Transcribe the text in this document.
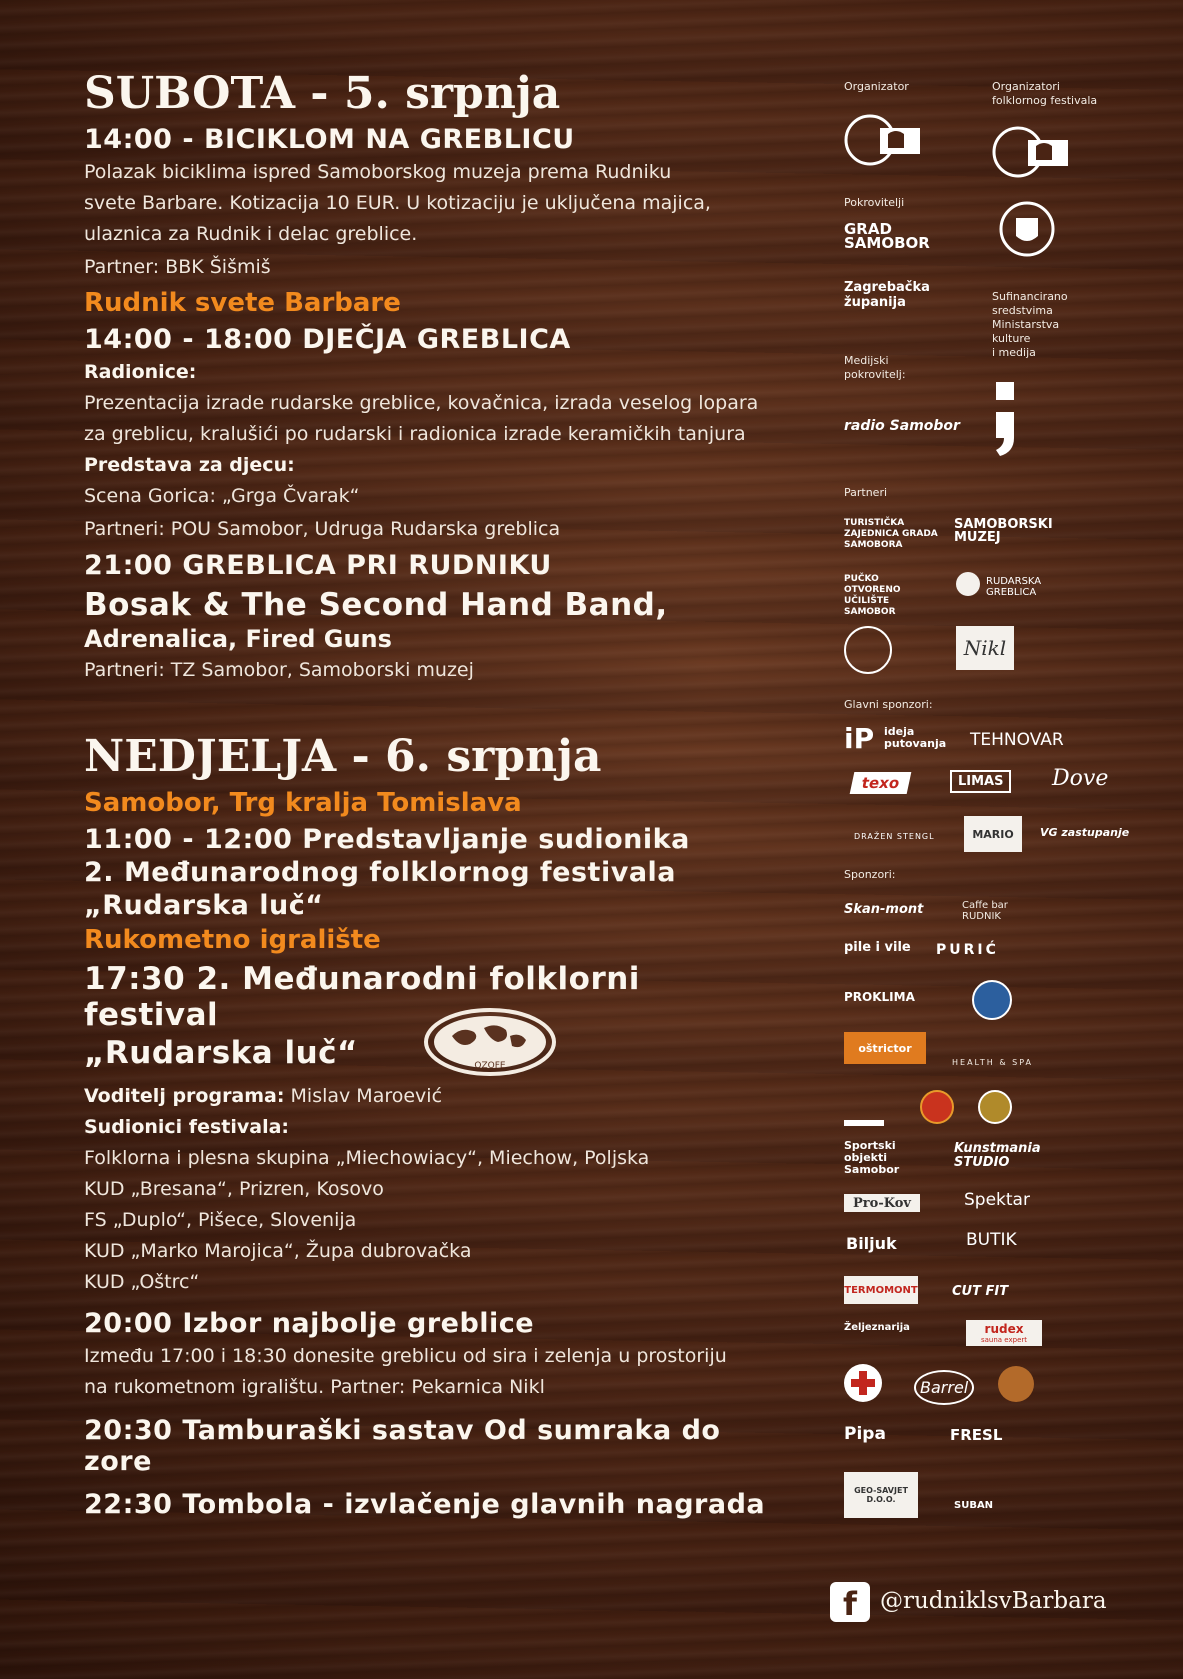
SUBOTA - 5. srpnja
14:00 - BICIKLOM NA GREBLICU

Polazak biciklima ispred Samoborskog muzeja prema Rudniku

svete Barbare. Kotizacija 10 EUR. U kotizaciju je uključena majica,

ulaznica za Rudnik i delac greblice.

Partner: BBK Šišmiš

Rudnik svete Barbare
14:00 - 18:00 DJEČJA GREBLICA

Radionice:

Prezentacija izrade rudarske greblice, kovačnica, izrada veselog lopara

za greblicu, kralušići po rudarski i radionica izrade keramičkih tanjura

Predstava za djecu:

Scena Gorica: „Grga Čvarak“

Partneri: POU Samobor, Udruga Rudarska greblica

21:00 GREBLICA PRI RUDNIKU
Bosak & The Second Hand Band,
Adrenalica, Fired Guns

Partneri: TZ Samobor, Samoborski muzej

NEDJELJA - 6. srpnja
Samobor, Trg kralja Tomislava
11:00 - 12:00 Predstavljanje sudionika
2. Međunarodnog folklornog festivala
„Rudarska luč“
Rukometno igralište
17:30 2. Međunarodni folklorni festival
„Rudarska luč“

Voditelj programa: Mislav Maroević

Sudionici festivala:

Folklorna i plesna skupina „Miechowiacy“, Miechow, Poljska

KUD „Bresana“, Prizren, Kosovo

FS „Duplo“, Pišece, Slovenija

KUD „Marko Marojica“, Župa dubrovačka

KUD „Oštrc“

20:00 Izbor najbolje greblice

Između 17:00 i 18:30 donesite greblicu od sira i zelenja u prostoriju

na rukometnom igralištu. Partner: Pekarnica Nikl

20:30 Tamburaški sastav Od sumraka do zore
22:30 Tombola - izvlačenje glavnih nagrada
OZOFE
Organizator	Organizatori
folklornog festivala
Pokrovitelji
GRAD
SAMOBOR
Zagrebačka
županija	Sufinancirano
sredstvima
Ministarstva
kulture
i medija
Medijski
pokrovitelj:
radio Samobor
Partneri
TURISTIČKA ZAJEDNICA GRADA SAMOBORA
SAMOBORSKI
MUZEJ
PUČKO OTVORENO UČILIŠTE SAMOBOR
RUDARSKA
GREBLICA
Nikl
Glavni sponzori:
iP ideja
putovanja TEHNOVAR
texo	LIMAS	Dove
DRAŽEN STENGL	MARIO	VG zastupanje
Sponzori:
Skan-mont	Caffe bar
RUDNIK
pile i vile PURIĆ
PROKLIMA
oštrictor
HEALTH & SPA
Sportski objekti Samobor
Kunstmania
STUDIO
Pro-Kov	Spektar
Biljuk	BUTIK
TERMOMONT	CUT FIT
Željeznarija	rudex
sauna expert
Barrel
Pipa	FRESL
GEO-SAVJET D.O.O.
SUBAN
f	@rudniklsvBarbara
